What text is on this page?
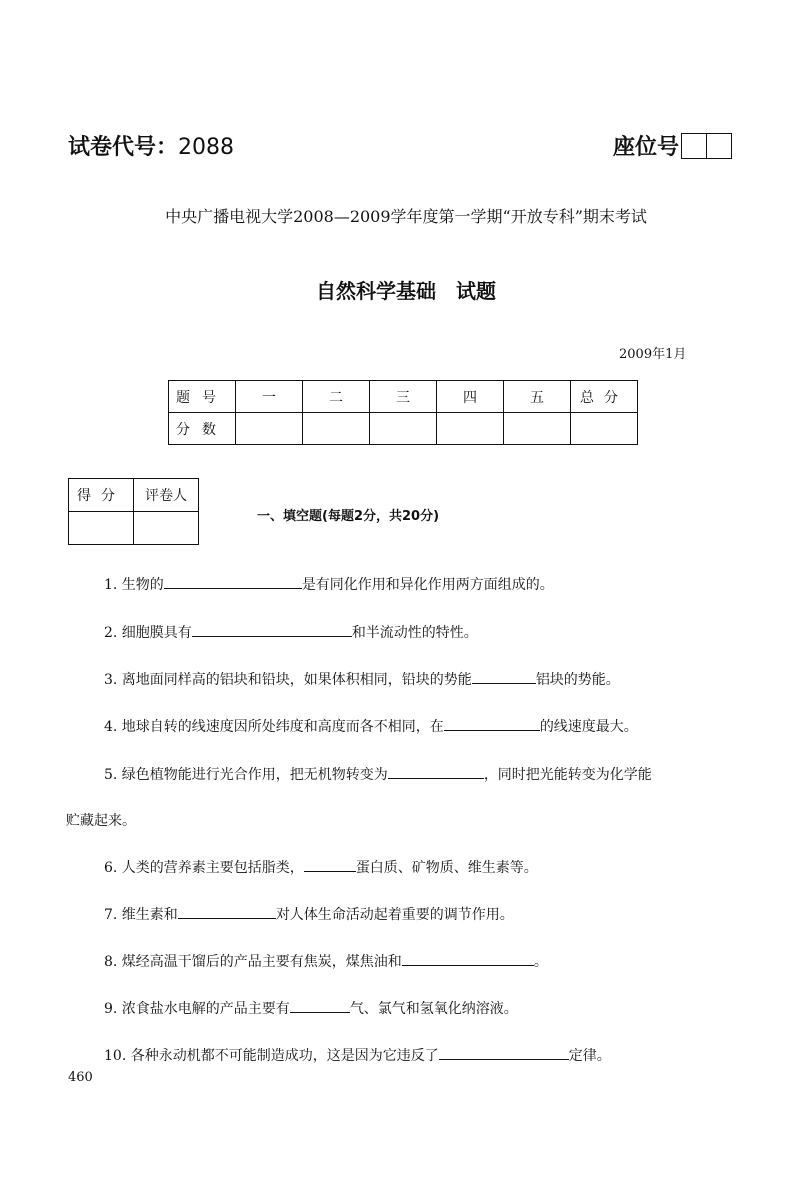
试卷代号：2088	座位号
中央广播电视大学2008—2009学年度第一学期“开放专科”期末考试
自然科学基础　试题
2009年1月
题号	一	二	三	四	五	总分
分数						
得分	评卷人

一、填空题(每题2分，共20分)
1. 生物的	是有同化作用和异化作用两方面组成的。
2. 细胞膜具有	和半流动性的特性。
3. 离地面同样高的铝块和铅块，如果体积相同，铅块的势能	铝块的势能。
4. 地球自转的线速度因所处纬度和高度而各不相同，在	的线速度最大。
5. 绿色植物能进行光合作用，把无机物转变为	，同时把光能转变为化学能
贮藏起来。
6. 人类的营养素主要包括脂类，	蛋白质、矿物质、维生素等。
7. 维生素和	对人体生命活动起着重要的调节作用。
8. 煤经高温干馏后的产品主要有焦炭，煤焦油和	。
9. 浓食盐水电解的产品主要有	气、氯气和氢氧化纳溶液。
10. 各种永动机都不可能制造成功，这是因为它违反了	定律。
460
